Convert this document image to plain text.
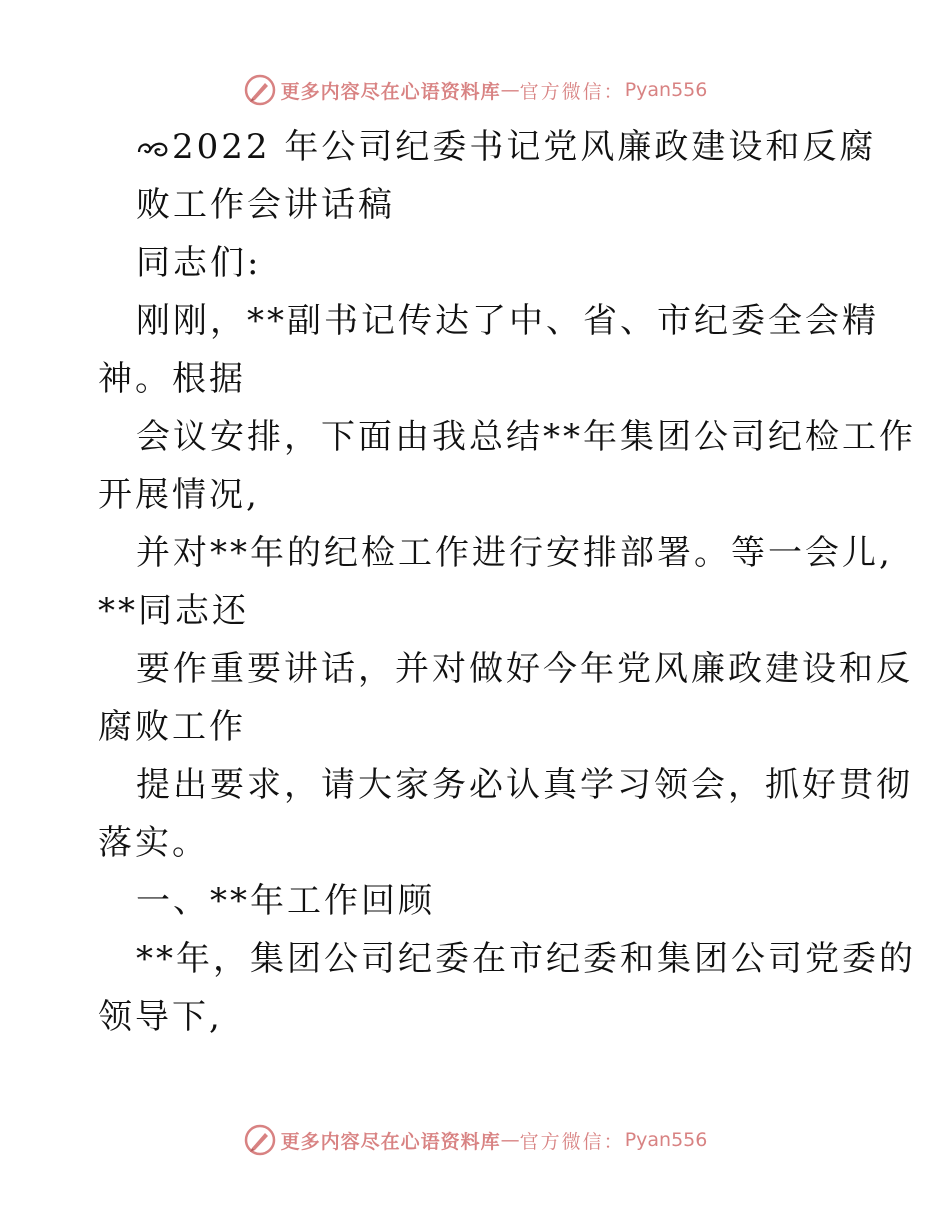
更多内容尽在心语资料库 — 官方微信： Pyan556
2022 年公司纪委书记党风廉政建设和反腐
败工作会讲话稿
同志们:
刚刚，**副书记传达了中、省、市纪委全会精
神。根据
会议安排，下面由我总结**年集团公司纪检工作
开展情况,
并对**年的纪检工作进行安排部署。等一会儿,
**同志还
要作重要讲话，并对做好今年党风廉政建设和反
腐败工作
提出要求，请大家务必认真学习领会，抓好贯彻
落实。
一、**年工作回顾
**年，集团公司纪委在市纪委和集团公司党委的
领导下,
更多内容尽在心语资料库 — 官方微信： Pyan556
